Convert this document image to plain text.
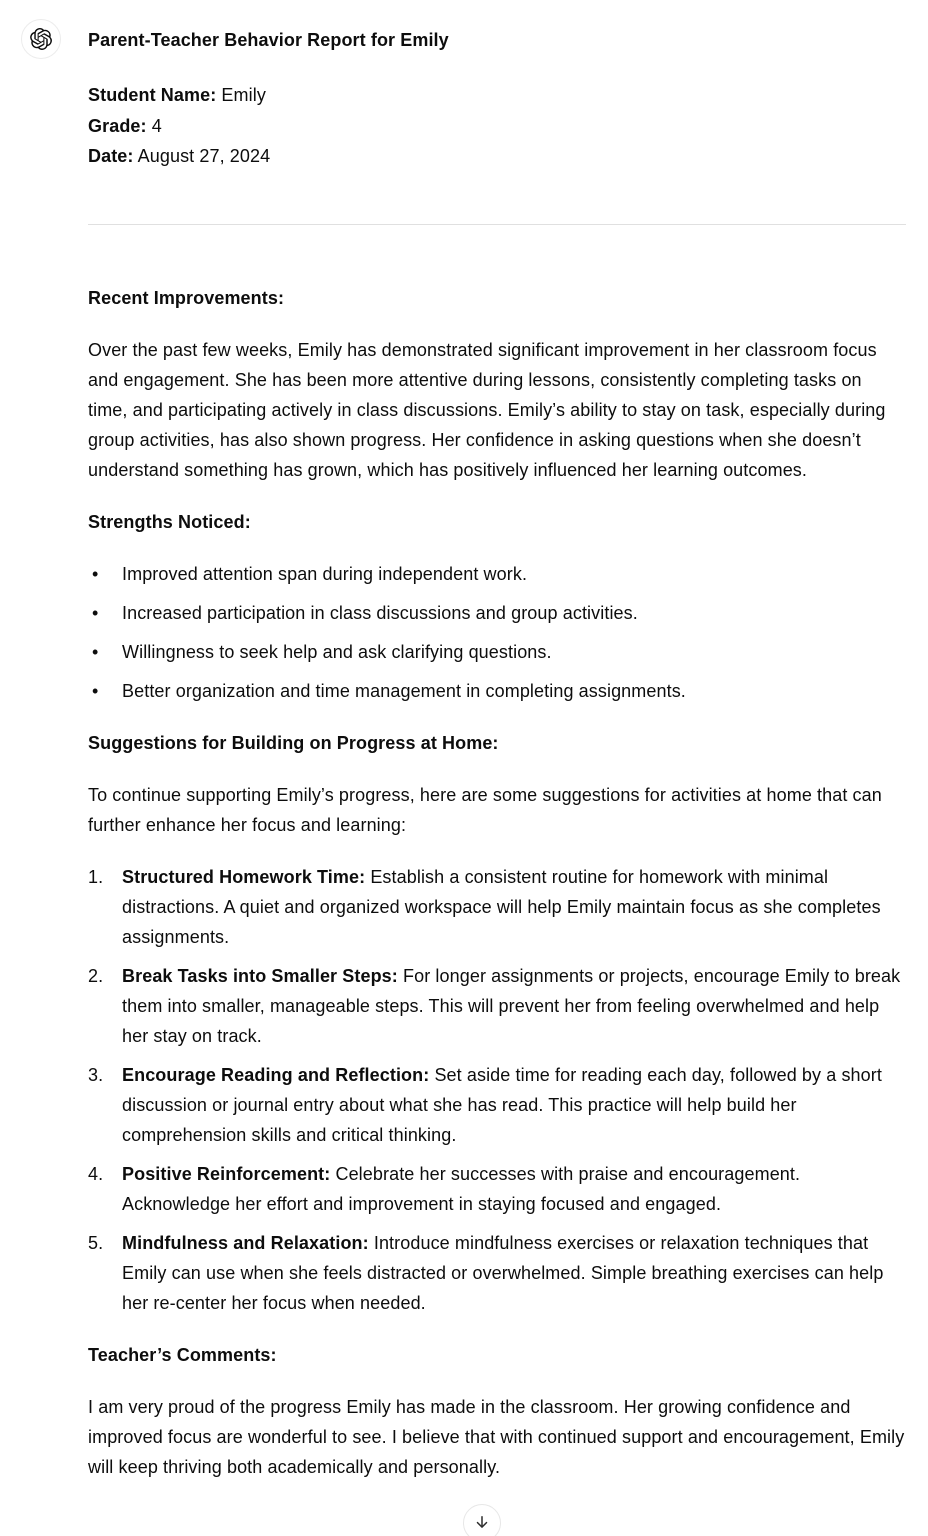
Parent-Teacher Behavior Report for Emily

Student Name: Emily
Grade: 4
Date: August 27, 2024

Recent Improvements:

Over the past few weeks, Emily has demonstrated significant improvement in her classroom focus and engagement. She has been more attentive during lessons, consistently completing tasks on time, and participating actively in class discussions. Emily’s ability to stay on task, especially during group activities, has also shown progress. Her confidence in asking questions when she doesn’t understand something has grown, which has positively influenced her learning outcomes.

Strengths Noticed:

• Improved attention span during independent work.
• Increased participation in class discussions and group activities.
• Willingness to seek help and ask clarifying questions.
• Better organization and time management in completing assignments.

Suggestions for Building on Progress at Home:

To continue supporting Emily’s progress, here are some suggestions for activities at home that can further enhance her focus and learning:

Structured Homework Time: Establish a consistent routine for homework with minimal distractions. A quiet and organized workspace will help Emily maintain focus as she completes assignments.
Break Tasks into Smaller Steps: For longer assignments or projects, encourage Emily to break them into smaller, manageable steps. This will prevent her from feeling overwhelmed and help her stay on track.
Encourage Reading and Reflection: Set aside time for reading each day, followed by a short discussion or journal entry about what she has read. This practice will help build her comprehension skills and critical thinking.
Positive Reinforcement: Celebrate her successes with praise and encouragement. Acknowledge her effort and improvement in staying focused and engaged.
Mindfulness and Relaxation: Introduce mindfulness exercises or relaxation techniques that Emily can use when she feels distracted or overwhelmed. Simple breathing exercises can help her re-center her focus when needed.

Teacher’s Comments:

I am very proud of the progress Emily has made in the classroom. Her growing confidence and improved focus are wonderful to see. I believe that with continued support and encouragement, Emily will keep thriving both academically and personally.
